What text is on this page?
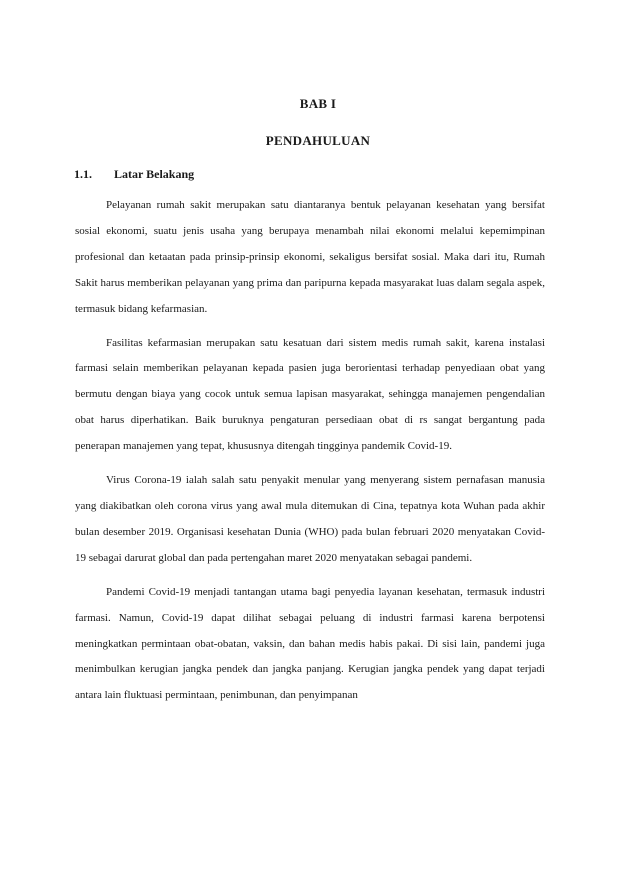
BAB I
PENDAHULUAN
1.1. Latar Belakang

Pelayanan rumah sakit merupakan satu diantaranya bentuk pelayanan kesehatan yang bersifat sosial ekonomi, suatu jenis usaha yang berupaya menambah nilai ekonomi melalui kepemimpinan profesional dan ketaatan pada prinsip-prinsip ekonomi, sekaligus bersifat sosial. Maka dari itu, Rumah Sakit harus memberikan pelayanan yang prima dan paripurna kepada masyarakat luas dalam segala aspek, termasuk bidang kefarmasian.

Fasilitas kefarmasian merupakan satu kesatuan dari sistem medis rumah sakit, karena instalasi farmasi selain memberikan pelayanan kepada pasien juga berorientasi terhadap penyediaan obat yang bermutu dengan biaya yang cocok untuk semua lapisan masyarakat, sehingga manajemen pengendalian obat harus diperhatikan. Baik buruknya pengaturan persediaan obat di rs sangat bergantung pada penerapan manajemen yang tepat, khususnya ditengah tingginya pandemik Covid-19.

Virus Corona-19 ialah salah satu penyakit menular yang menyerang sistem pernafasan manusia yang diakibatkan oleh corona virus yang awal mula ditemukan di Cina, tepatnya kota Wuhan pada akhir bulan desember 2019. Organisasi kesehatan Dunia (WHO) pada bulan februari 2020 menyatakan Covid-19 sebagai darurat global dan pada pertengahan maret 2020 menyatakan sebagai pandemi.

Pandemi Covid-19 menjadi tantangan utama bagi penyedia layanan kesehatan, termasuk industri farmasi. Namun, Covid-19 dapat dilihat sebagai peluang di industri farmasi karena berpotensi meningkatkan permintaan obat-obatan, vaksin, dan bahan medis habis pakai. Di sisi lain, pandemi juga menimbulkan kerugian jangka pendek dan jangka panjang. Kerugian jangka pendek yang dapat terjadi antara lain fluktuasi permintaan, penimbunan, dan penyimpanan
